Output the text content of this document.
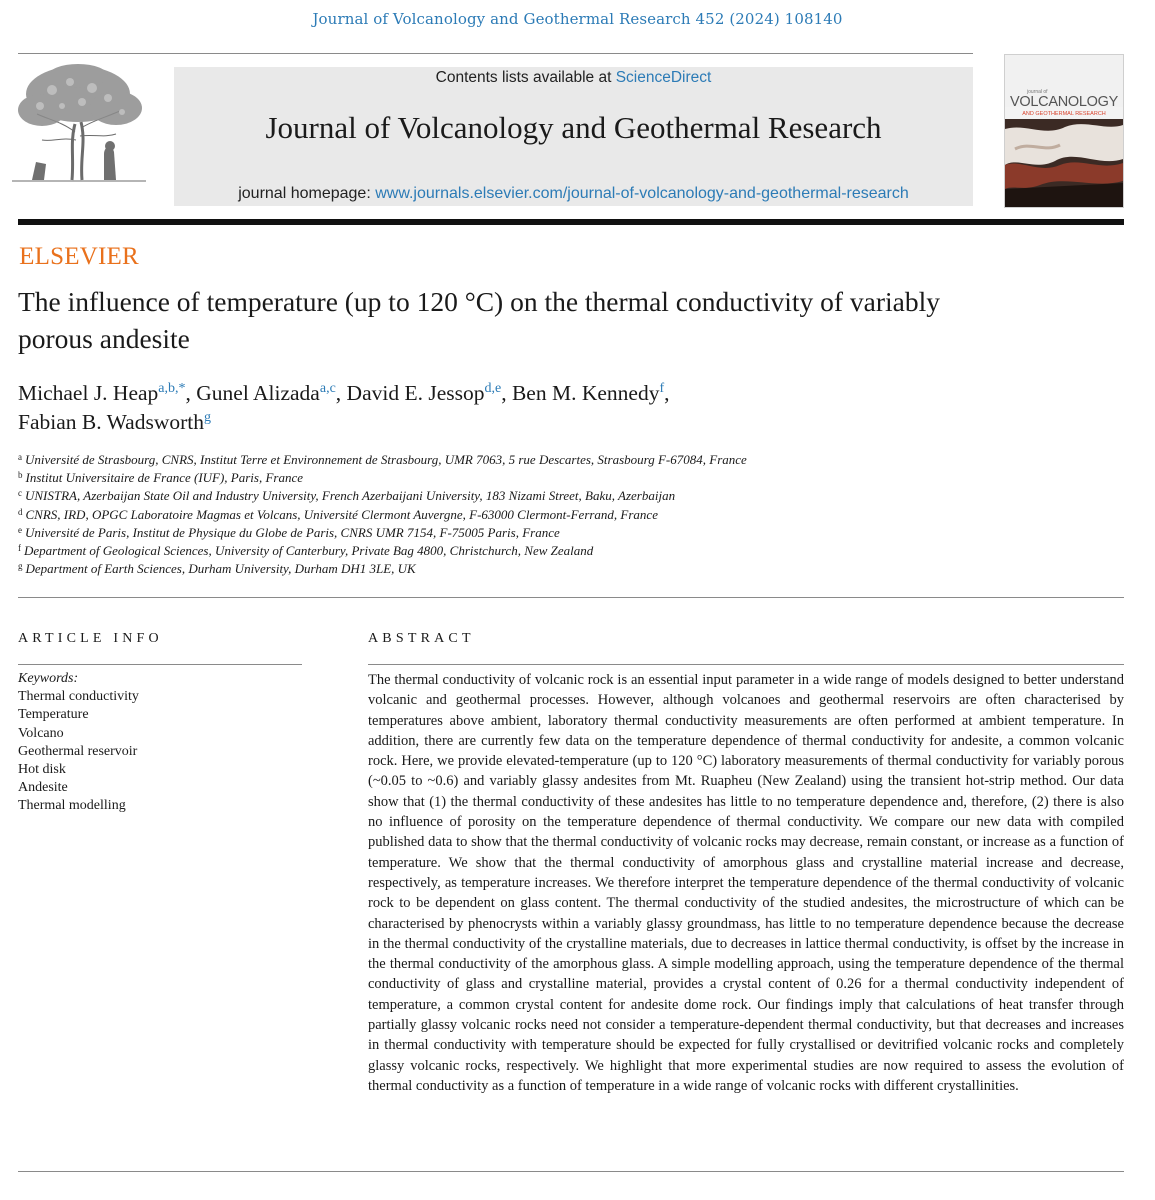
Journal of Volcanology and Geothermal Research 452 (2024) 108140
ELSEVIER
Contents lists available at ScienceDirect
Journal of Volcanology and Geothermal Research
journal homepage: www.journals.elsevier.com/journal-of-volcanology-and-geothermal-research
journal of
VOLCANOLOGY
AND GEOTHERMAL RESEARCH
The influence of temperature (up to 120 °C) on the thermal conductivity of variably porous andesite
Michael J. Heap$^{a,b,*}$, Gunel Alizada$^{a,c}$, David E. Jessop$^{d,e}$, Ben M. Kennedy$^f$,
Fabian B. Wadsworth$^g$
$^a$ Université de Strasbourg, CNRS, Institut Terre et Environnement de Strasbourg, UMR 7063, 5 rue Descartes, Strasbourg F-67084, France
$^b$ Institut Universitaire de France (IUF), Paris, France
$^c$ UNISTRA, Azerbaijan State Oil and Industry University, French Azerbaijani University, 183 Nizami Street, Baku, Azerbaijan
$^d$ CNRS, IRD, OPGC Laboratoire Magmas et Volcans, Université Clermont Auvergne, F-63000 Clermont-Ferrand, France
$^e$ Université de Paris, Institut de Physique du Globe de Paris, CNRS UMR 7154, F-75005 Paris, France
$^f$ Department of Geological Sciences, University of Canterbury, Private Bag 4800, Christchurch, New Zealand
$^g$ Department of Earth Sciences, Durham University, Durham DH1 3LE, UK
ARTICLE INFO
Keywords:
Thermal conductivity
Temperature
Volcano
Geothermal reservoir
Hot disk
Andesite
Thermal modelling
ABSTRACT

The thermal conductivity of volcanic rock is an essential input parameter in a wide range of models designed to better understand volcanic and geothermal processes. However, although volcanoes and geothermal reservoirs are often characterised by temperatures above ambient, laboratory thermal conductivity measurements are often performed at ambient temperature. In addition, there are currently few data on the temperature dependence of thermal conductivity for andesite, a common volcanic rock. Here, we provide elevated-temperature (up to 120 °C) laboratory measurements of thermal conductivity for variably porous (~0.05 to ~0.6) and variably glassy andesites from Mt. Ruapheu (New Zealand) using the transient hot-strip method. Our data show that (1) the thermal conductivity of these andesites has little to no temperature dependence and, therefore, (2) there is also no influence of porosity on the temperature dependence of thermal conductivity. We compare our new data with compiled published data to show that the thermal conductivity of volcanic rocks may decrease, remain constant, or increase as a function of temperature. We show that the thermal conductivity of amorphous glass and crystalline material increase and decrease, respectively, as temperature increases. We therefore interpret the temperature dependence of the thermal conductivity of volcanic rock to be dependent on glass content. The thermal conductivity of the studied andesites, the microstructure of which can be characterised by phenocrysts within a variably glassy groundmass, has little to no temperature dependence because the decrease in the thermal conductivity of the crystalline materials, due to decreases in lattice thermal conductivity, is offset by the increase in the thermal conductivity of the amorphous glass. A simple modelling approach, using the temperature dependence of the thermal conductivity of glass and crystalline material, provides a crystal content of 0.26 for a thermal conductivity independent of temperature, a common crystal content for andesite dome rock. Our findings imply that calculations of heat transfer through partially glassy volcanic rocks need not consider a temperature-dependent thermal conductivity, but that decreases and increases in thermal conductivity with temperature should be expected for fully crystallised or devitrified volcanic rocks and completely glassy volcanic rocks, respectively. We highlight that more experimental studies are now required to assess the evolution of thermal conductivity as a function of temperature in a wide range of volcanic rocks with different crystallinities.
